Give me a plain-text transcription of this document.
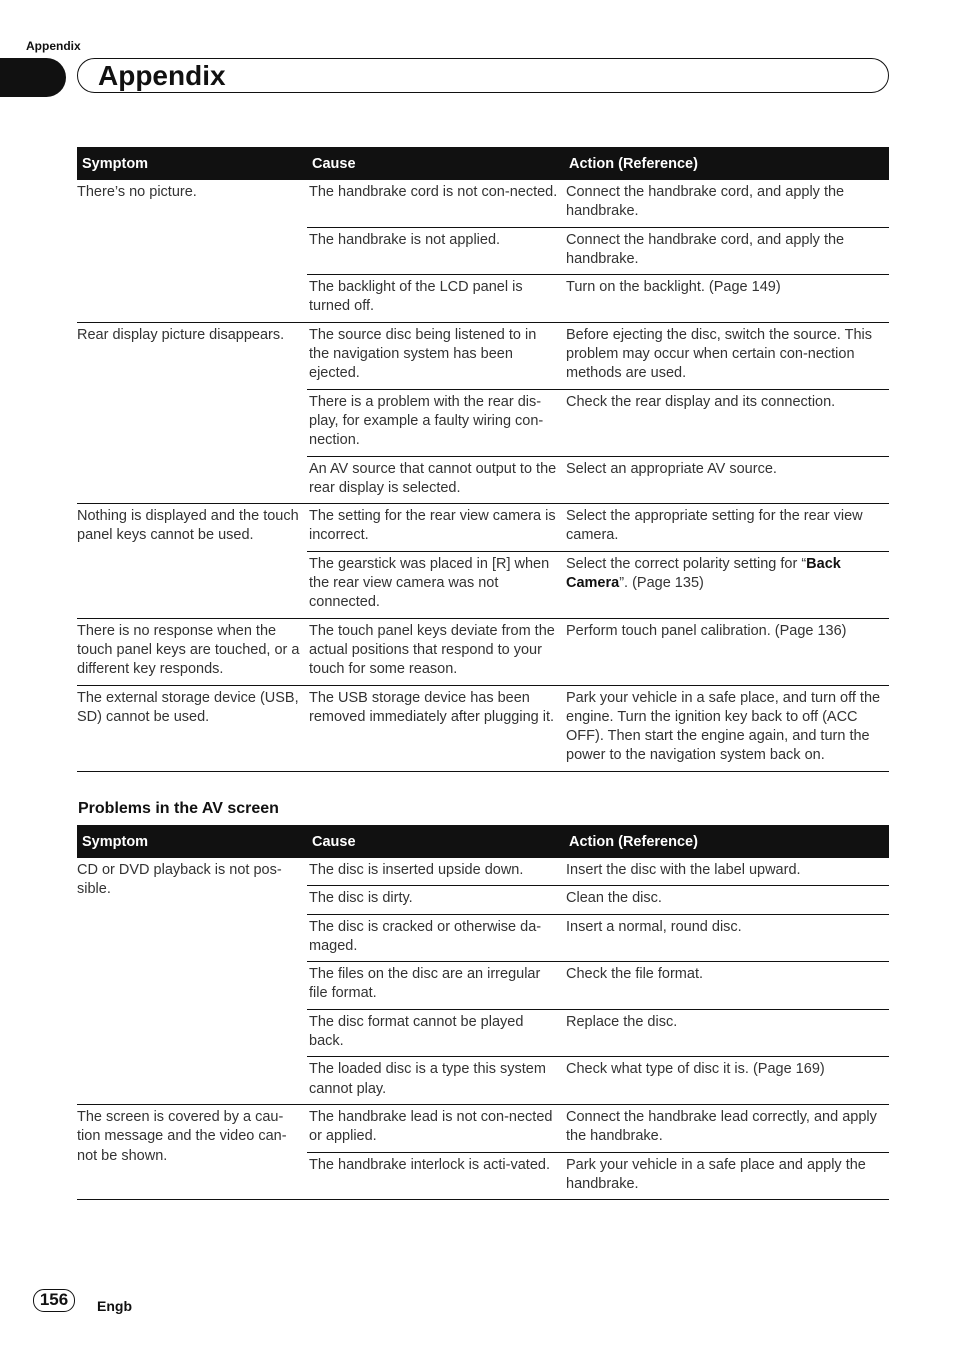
Appendix
Appendix
Symptom	Cause	Action (Reference)
There’s no picture.	The handbrake cord is not con-nected.	Connect the handbrake cord, and apply the handbrake.
	The handbrake is not applied.	Connect the handbrake cord, and apply the handbrake.
	The backlight of the LCD panel is turned off.	Turn on the backlight. (Page 149)
Rear display picture disappears.	The source disc being listened to in the navigation system has been ejected.	Before ejecting the disc, switch the source. This problem may occur when certain con-nection methods are used.
	There is a problem with the rear dis-play, for example a faulty wiring con-nection.	Check the rear display and its connection.
	An AV source that cannot output to the rear display is selected.	Select an appropriate AV source.
Nothing is displayed and the touch panel keys cannot be used.	The setting for the rear view camera is incorrect.	Select the appropriate setting for the rear view camera.
	The gearstick was placed in [R] when the rear view camera was not connected.	Select the correct polarity setting for “Back Camera”. (Page 135)
There is no response when the touch panel keys are touched, or a different key responds.	The touch panel keys deviate from the actual positions that respond to your touch for some reason.	Perform touch panel calibration. (Page 136)
The external storage device (USB, SD) cannot be used.	The USB storage device has been removed immediately after plugging it.	Park your vehicle in a safe place, and turn off the engine. Turn the ignition key back to off (ACC OFF). Then start the engine again, and turn the power to the navigation system back on.
Problems in the AV screen
Symptom	Cause	Action (Reference)
CD or DVD playback is not pos-sible.	The disc is inserted upside down.	Insert the disc with the label upward.
	The disc is dirty.	Clean the disc.
	The disc is cracked or otherwise da-maged.	Insert a normal, round disc.
	The files on the disc are an irregular file format.	Check the file format.
	The disc format cannot be played back.	Replace the disc.
	The loaded disc is a type this system cannot play.	Check what type of disc it is. (Page 169)
The screen is covered by a cau-tion message and the video can-not be shown.	The handbrake lead is not con-nected or applied.	Connect the handbrake lead correctly, and apply the handbrake.
	The handbrake interlock is acti-vated.	Park your vehicle in a safe place and apply the handbrake.
156	Engb
